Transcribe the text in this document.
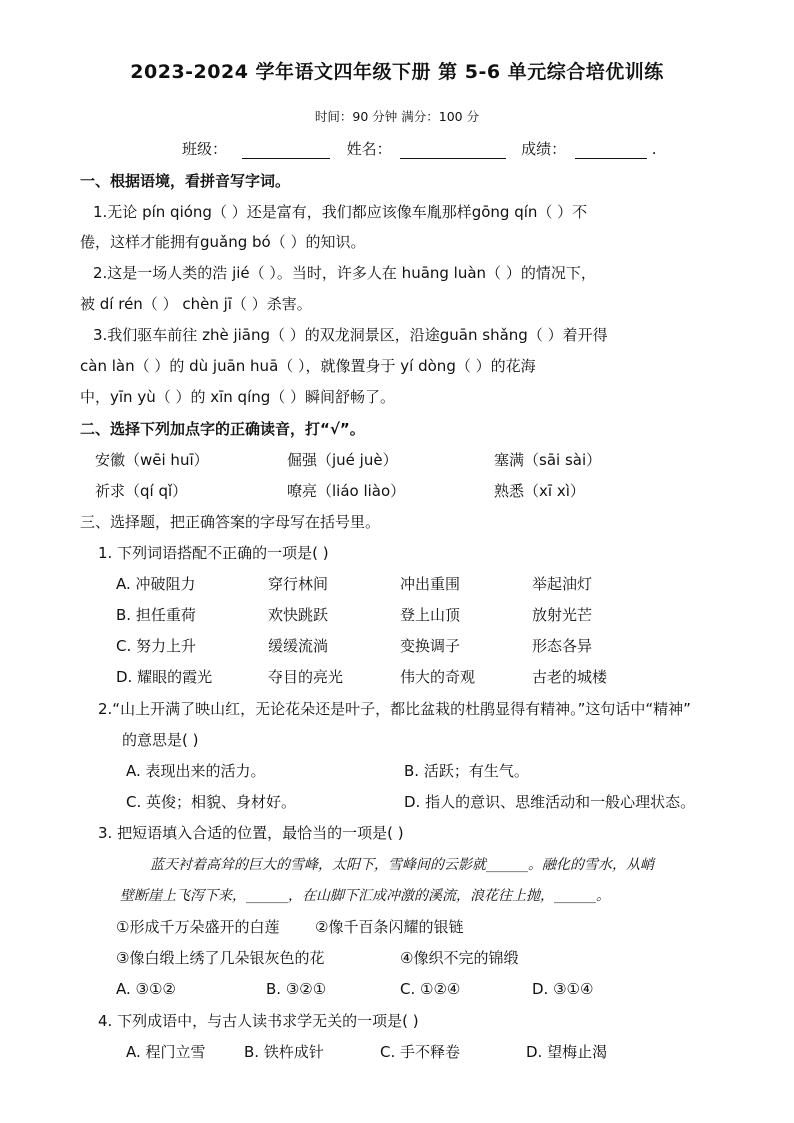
2023-2024 学年语文四年级下册 第 5-6 单元综合培优训练
时间：90 分钟 满分：100 分
班级：	姓名：	成绩：	.
一、根据语境，看拼音写字词。
1.无论 pín qióng（ ）还是富有，我们都应该像车胤那样gōng qín（ ）不
倦，这样才能拥有guǎng bó（ ）的知识。
2.这是一场人类的浩 jié（ ）。当时，许多人在 huāng luàn（ ）的情况下，
被 dí rén（ ） chèn jī（ ）杀害。
3.我们驱车前往 zhè jiāng（ ）的双龙洞景区，沿途guān shǎng（ ）着开得
càn làn（ ）的 dù juān huā（ ），就像置身于 yí dòng（ ）的花海
中，yīn yù（ ）的 xīn qíng（ ）瞬间舒畅了。
二、选择下列加点字的正确读音，打“√”。
安徽（wēi huī）	倔强（jué juè）	塞满（sāi sài）
祈求（qí qǐ）	嘹亮（liáo liào）	熟悉（xī xì）
三、选择题，把正确答案的字母写在括号里。
1. 下列词语搭配不正确的一项是( )
A. 冲破阻力	穿行林间	冲出重围	举起油灯
B. 担任重荷	欢快跳跃	登上山顶	放射光芒
C. 努力上升	缓缓流淌	变换调子	形态各异
D. 耀眼的霞光	夺目的亮光	伟大的奇观	古老的城楼
2.“山上开满了映山红，无论花朵还是叶子，都比盆栽的杜鹃显得有精神。”这句话中“精神”
的意思是( )
A. 表现出来的活力。	B. 活跃；有生气。
C. 英俊；相貌、身材好。	D. 指人的意识、思维活动和一般心理状态。
3. 把短语填入合适的位置，最恰当的一项是( )
蓝天衬着高耸的巨大的雪峰，太阳下，雪峰间的云影就______。融化的雪水，从峭
壁断崖上飞泻下来，______，在山脚下汇成冲激的溪流，浪花往上抛，______。
①形成千万朵盛开的白莲 ②像千百条闪耀的银链
③像白缎上绣了几朵银灰色的花	④像织不完的锦缎
A. ③①②	B. ③②①	C. ①②④	D. ③①④
4. 下列成语中，与古人读书求学无关的一项是( )
A. 程门立雪	B. 铁杵成针	C. 手不释卷	D. 望梅止渴
